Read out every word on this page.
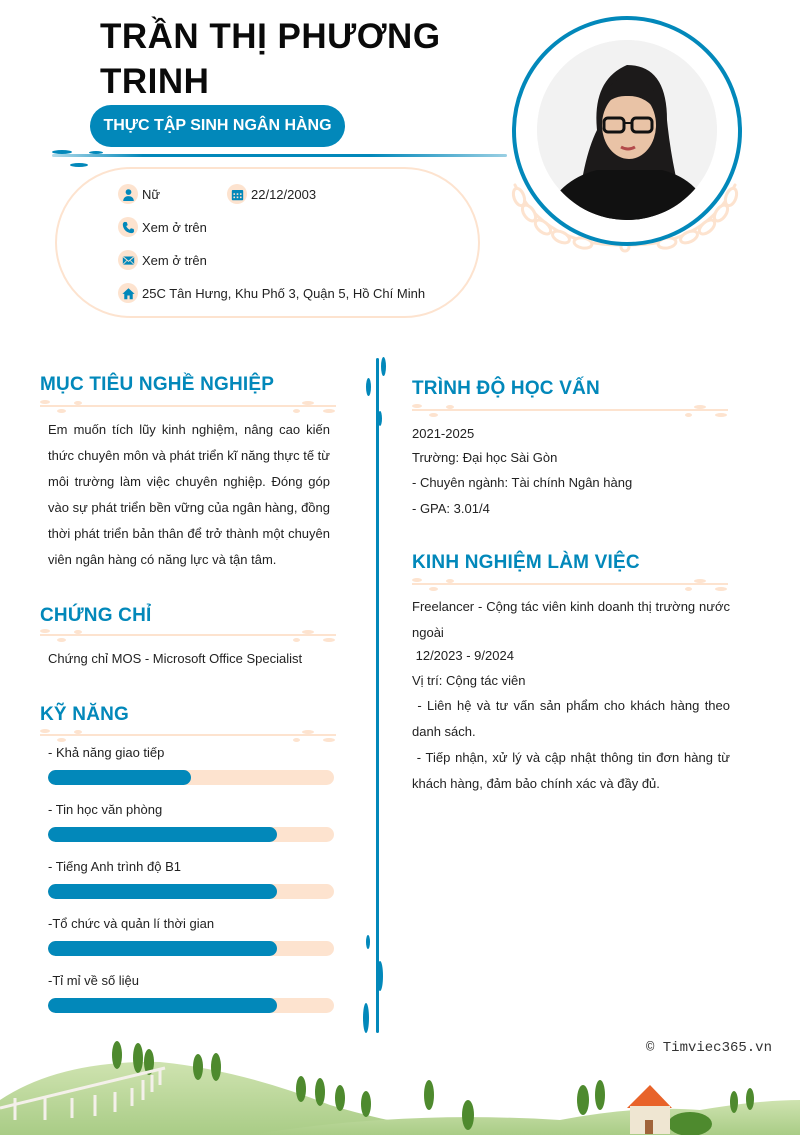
TRẦN THỊ PHƯƠNG
TRINH
THỰC TẬP SINH NGÂN HÀNG
Nữ	22/12/2003
Xem ở trên
Xem ở trên
25C Tân Hưng, Khu Phố 3, Quận 5, Hồ Chí Minh
MỤC TIÊU NGHỀ NGHIỆP
Em muốn tích lũy kinh nghiệm, nâng cao kiến thức chuyên môn và phát triển kĩ năng thực tế từ môi trường làm việc chuyên nghiệp. Đóng góp vào sự phát triển bền vững của ngân hàng, đồng thời phát triển bản thân để trở thành một chuyên viên ngân hàng có năng lực và tận tâm.
CHỨNG CHỈ
Chứng chỉ MOS - Microsoft Office Specialist
KỸ NĂNG
- Khả năng giao tiếp
- Tin học văn phòng
- Tiếng Anh trình độ B1
-Tổ chức và quản lí thời gian
-Tỉ mỉ về số liệu
TRÌNH ĐỘ HỌC VẤN
2021-2025
Trường: Đại học Sài Gòn
- Chuyên ngành: Tài chính Ngân hàng
- GPA: 3.01/4
KINH NGHIỆM LÀM VIỆC
Freelancer - Cộng tác viên kinh doanh thị trường nước ngoài
12/2023 - 9/2024
Vị trí: Cộng tác viên
- Liên hệ và tư vấn sản phẩm cho khách hàng theo danh sách.
- Tiếp nhận, xử lý và cập nhật thông tin đơn hàng từ khách hàng, đảm bảo chính xác và đầy đủ.
© Timviec365.vn
